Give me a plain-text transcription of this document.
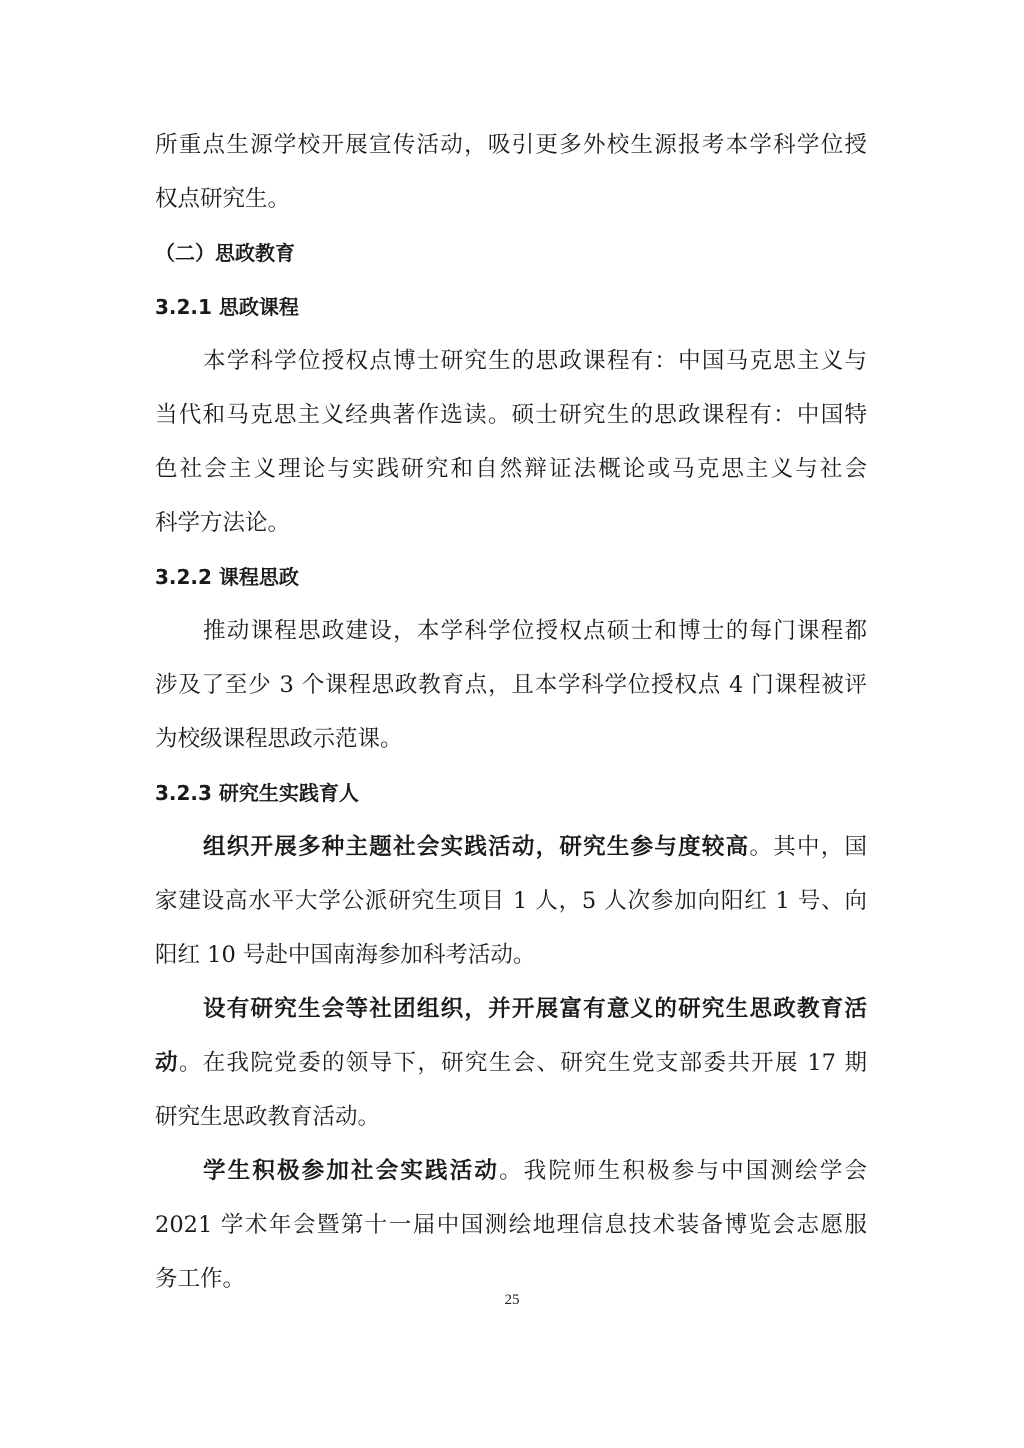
所重点生源学校开展宣传活动，吸引更多外校生源报考本学科学位授
权点研究生。
（二）思政教育
3.2.1 思政课程
本学科学位授权点博士研究生的思政课程有：中国马克思主义与
当代和马克思主义经典著作选读。硕士研究生的思政课程有：中国特
色社会主义理论与实践研究和自然辩证法概论或马克思主义与社会
科学方法论。
3.2.2 课程思政
推动课程思政建设，本学科学位授权点硕士和博士的每门课程都
涉及了至少 3 个课程思政教育点，且本学科学位授权点 4 门课程被评
为校级课程思政示范课。
3.2.3 研究生实践育人
组织开展多种主题社会实践活动，研究生参与度较高。其中，国
家建设高水平大学公派研究生项目 1 人，5 人次参加向阳红 1 号、向
阳红 10 号赴中国南海参加科考活动。
设有研究生会等社团组织，并开展富有意义的研究生思政教育活
动。在我院党委的领导下，研究生会、研究生党支部委共开展 17 期
研究生思政教育活动。
学生积极参加社会实践活动。我院师生积极参与中国测绘学会
2021 学术年会暨第十一届中国测绘地理信息技术装备博览会志愿服
务工作。
25
